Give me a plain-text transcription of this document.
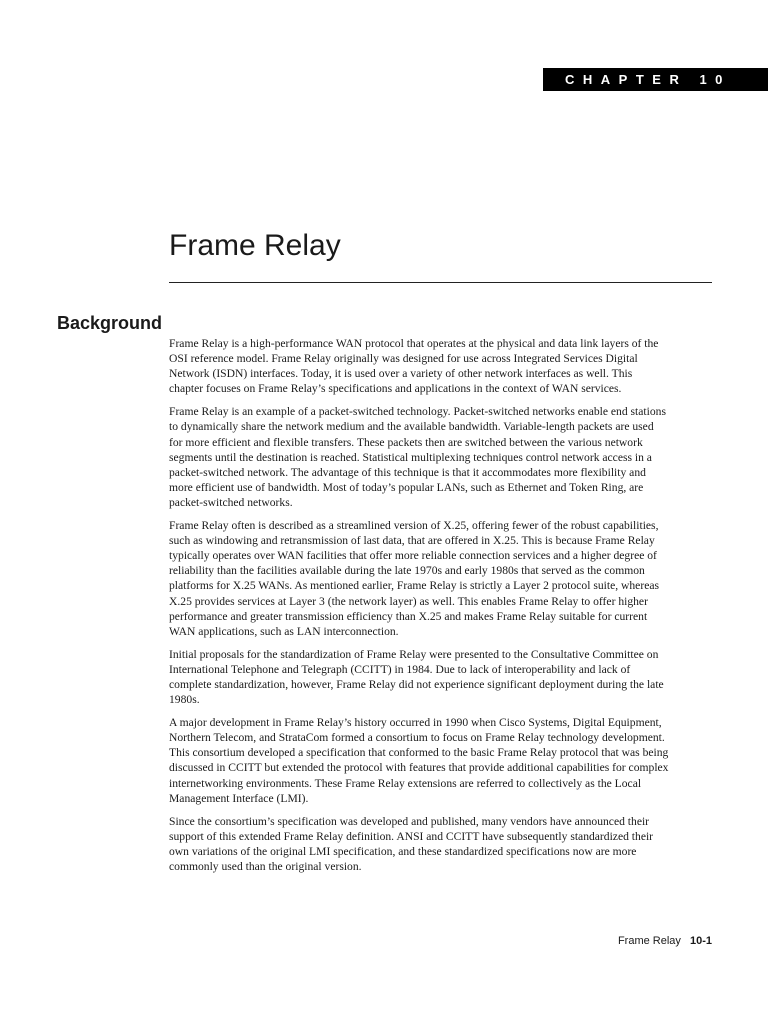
CHAPTER 10
Frame Relay
Background

Frame Relay is a high-performance WAN protocol that operates at the physical and data link layers of the OSI reference model. Frame Relay originally was designed for use across Integrated Services Digital Network (ISDN) interfaces. Today, it is used over a variety of other network interfaces as well. This chapter focuses on Frame Relay’s specifications and applications in the context of WAN services.

Frame Relay is an example of a packet-switched technology. Packet-switched networks enable end stations to dynamically share the network medium and the available bandwidth. Variable-length packets are used for more efficient and flexible transfers. These packets then are switched between the various network segments until the destination is reached. Statistical multiplexing techniques control network access in a packet-switched network. The advantage of this technique is that it accommodates more flexibility and more efficient use of bandwidth. Most of today’s popular LANs, such as Ethernet and Token Ring, are packet-switched networks.

Frame Relay often is described as a streamlined version of X.25, offering fewer of the robust capabilities, such as windowing and retransmission of last data, that are offered in X.25. This is because Frame Relay typically operates over WAN facilities that offer more reliable connection services and a higher degree of reliability than the facilities available during the late 1970s and early 1980s that served as the common platforms for X.25 WANs. As mentioned earlier, Frame Relay is strictly a Layer 2 protocol suite, whereas X.25 provides services at Layer 3 (the network layer) as well. This enables Frame Relay to offer higher performance and greater transmission efficiency than X.25 and makes Frame Relay suitable for current WAN applications, such as LAN interconnection.

Initial proposals for the standardization of Frame Relay were presented to the Consultative Committee on International Telephone and Telegraph (CCITT) in 1984. Due to lack of interoperability and lack of complete standardization, however, Frame Relay did not experience significant deployment during the late 1980s.

A major development in Frame Relay’s history occurred in 1990 when Cisco Systems, Digital Equipment, Northern Telecom, and StrataCom formed a consortium to focus on Frame Relay technology development. This consortium developed a specification that conformed to the basic Frame Relay protocol that was being discussed in CCITT but extended the protocol with features that provide additional capabilities for complex internetworking environments. These Frame Relay extensions are referred to collectively as the Local Management Interface (LMI).

Since the consortium’s specification was developed and published, many vendors have announced their support of this extended Frame Relay definition. ANSI and CCITT have subsequently standardized their own variations of the original LMI specification, and these standardized specifications now are more commonly used than the original version.

Frame Relay 10-1
